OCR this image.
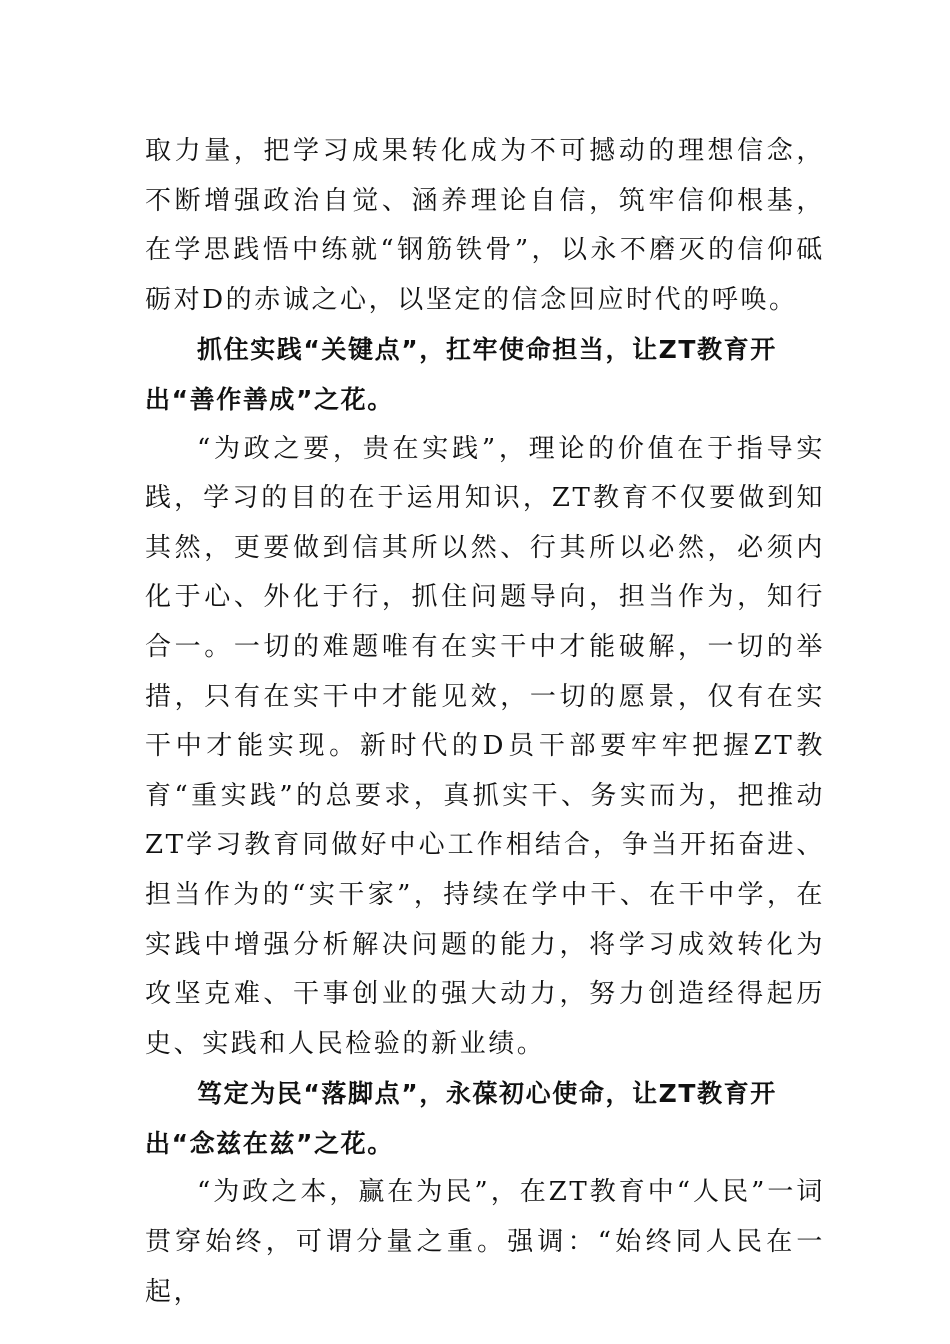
取力量，把学习成果转化成为不可撼动的理想信念，不断增强政治自觉、涵养理论自信，筑牢信仰根基，在学思践悟中练就“钢筋铁骨”，以永不磨灭的信仰砥砺对D的赤诚之心，以坚定的信念回应时代的呼唤。

抓住实践“关键点”，扛牢使命担当，让ZT教育开出“善作善成”之花。

“为政之要，贵在实践”，理论的价值在于指导实践，学习的目的在于运用知识，ZT教育不仅要做到知其然，更要做到信其所以然、行其所以必然，必须内化于心、外化于行，抓住问题导向，担当作为，知行合一。一切的难题唯有在实干中才能破解，一切的举措，只有在实干中才能见效，一切的愿景，仅有在实干中才能实现。新时代的D员干部要牢牢把握ZT教育“重实践”的总要求，真抓实干、务实而为，把推动ZT学习教育同做好中心工作相结合，争当开拓奋进、担当作为的“实干家”，持续在学中干、在干中学，在实践中增强分析解决问题的能力，将学习成效转化为攻坚克难、干事创业的强大动力，努力创造经得起历史、实践和人民检验的新业绩。

笃定为民“落脚点”，永葆初心使命，让ZT教育开出“念兹在兹”之花。

“为政之本，赢在为民”，在ZT教育中“人民”一词贯穿始终，可谓分量之重。强调：“始终同人民在一起，
